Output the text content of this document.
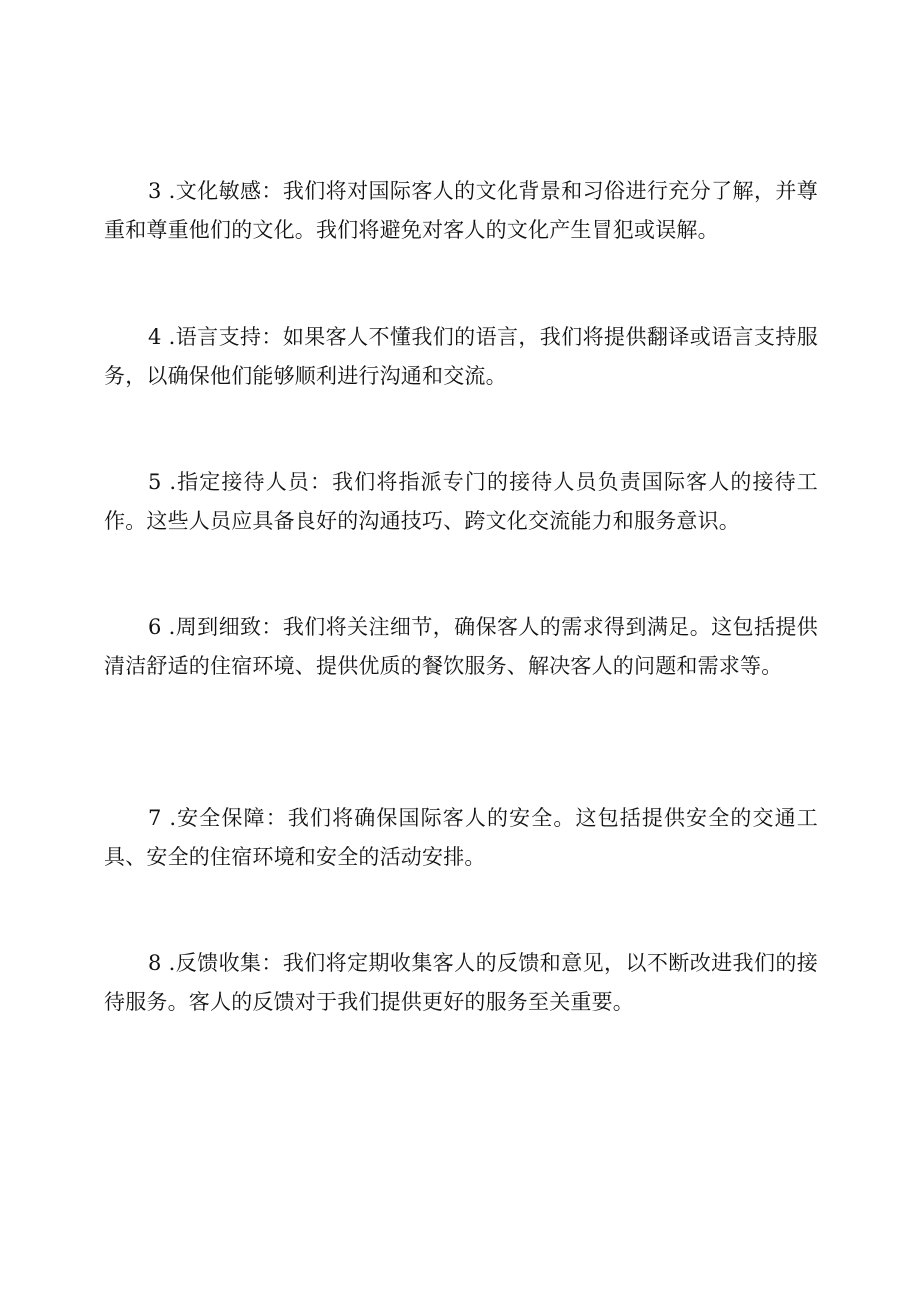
3 .文化敏感：我们将对国际客人的文化背景和习俗进行充分了解，并尊重和尊重他们的文化。我们将避免对客人的文化产生冒犯或误解。

4 .语言支持：如果客人不懂我们的语言，我们将提供翻译或语言支持服务，以确保他们能够顺利进行沟通和交流。

5 .指定接待人员：我们将指派专门的接待人员负责国际客人的接待工作。这些人员应具备良好的沟通技巧、跨文化交流能力和服务意识。

6 .周到细致：我们将关注细节，确保客人的需求得到满足。这包括提供清洁舒适的住宿环境、提供优质的餐饮服务、解决客人的问题和需求等。

7 .安全保障：我们将确保国际客人的安全。这包括提供安全的交通工具、安全的住宿环境和安全的活动安排。

8 .反馈收集：我们将定期收集客人的反馈和意见，以不断改进我们的接待服务。客人的反馈对于我们提供更好的服务至关重要。
